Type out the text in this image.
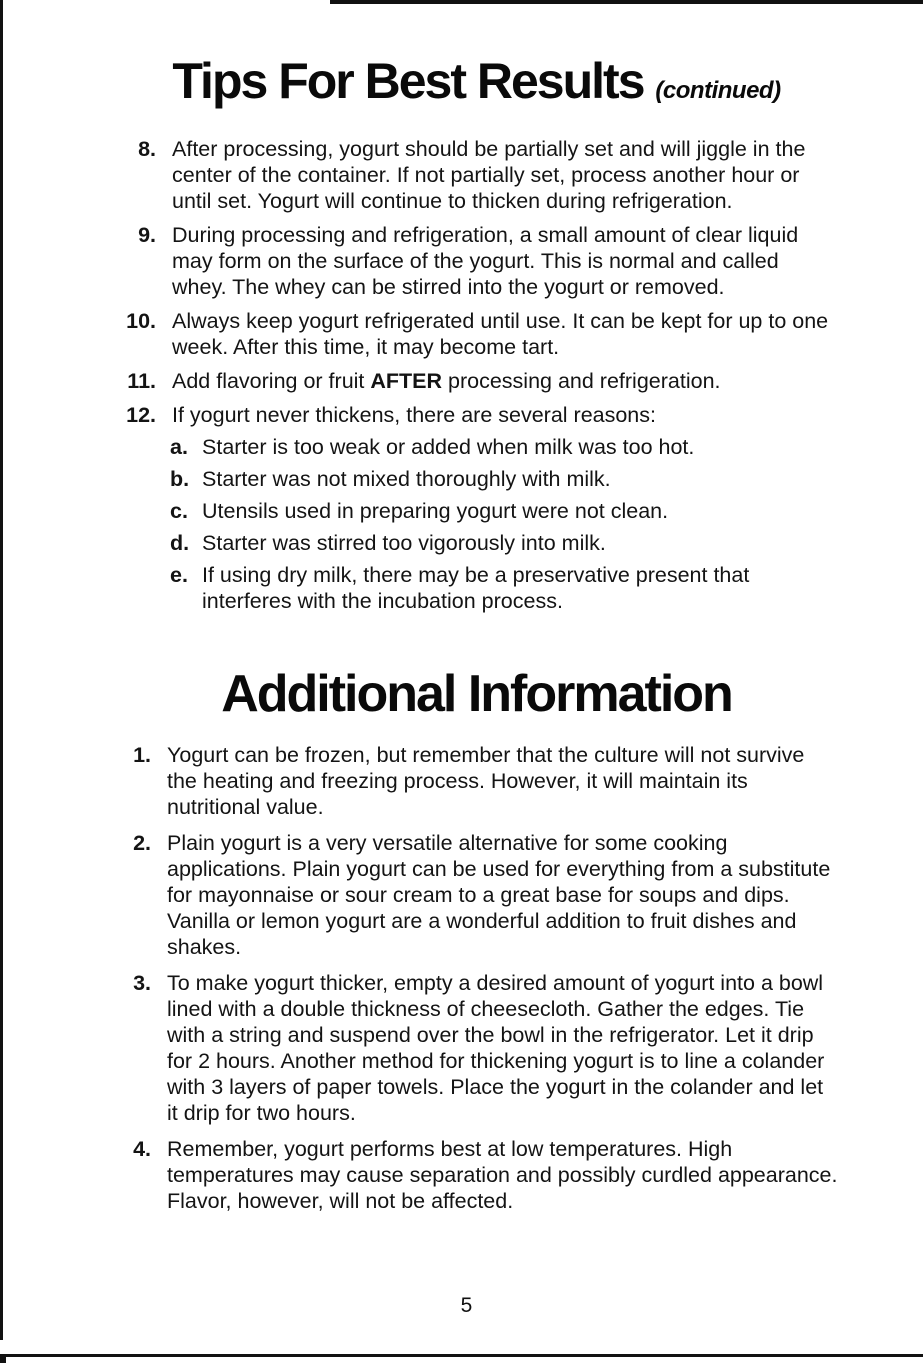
Tips For Best Results (continued)
8. After processing, yogurt should be partially set and will jiggle in the center of the container. If not partially set, process another hour or until set. Yogurt will continue to thicken during refrigeration.
9. During processing and refrigeration, a small amount of clear liquid may form on the surface of the yogurt. This is normal and called whey. The whey can be stirred into the yogurt or removed.
10. Always keep yogurt refrigerated until use. It can be kept for up to one week. After this time, it may become tart.
11. Add flavoring or fruit AFTER processing and refrigeration.
12. If yogurt never thickens, there are several reasons:
a. Starter is too weak or added when milk was too hot.
b. Starter was not mixed thoroughly with milk.
c. Utensils used in preparing yogurt were not clean.
d. Starter was stirred too vigorously into milk.
e. If using dry milk, there may be a preservative present that interferes with the incubation process.
Additional Information
1. Yogurt can be frozen, but remember that the culture will not survive the heating and freezing process. However, it will maintain its nutritional value.
2. Plain yogurt is a very versatile alternative for some cooking applications. Plain yogurt can be used for everything from a substitute for mayonnaise or sour cream to a great base for soups and dips. Vanilla or lemon yogurt are a wonderful addition to fruit dishes and shakes.
3. To make yogurt thicker, empty a desired amount of yogurt into a bowl lined with a double thickness of cheesecloth. Gather the edges. Tie with a string and suspend over the bowl in the refrigerator. Let it drip for 2 hours. Another method for thickening yogurt is to line a colander with 3 layers of paper towels. Place the yogurt in the colander and let it drip for two hours.
4. Remember, yogurt performs best at low temperatures. High temperatures may cause separation and possibly curdled appearance. Flavor, however, will not be affected.
5
